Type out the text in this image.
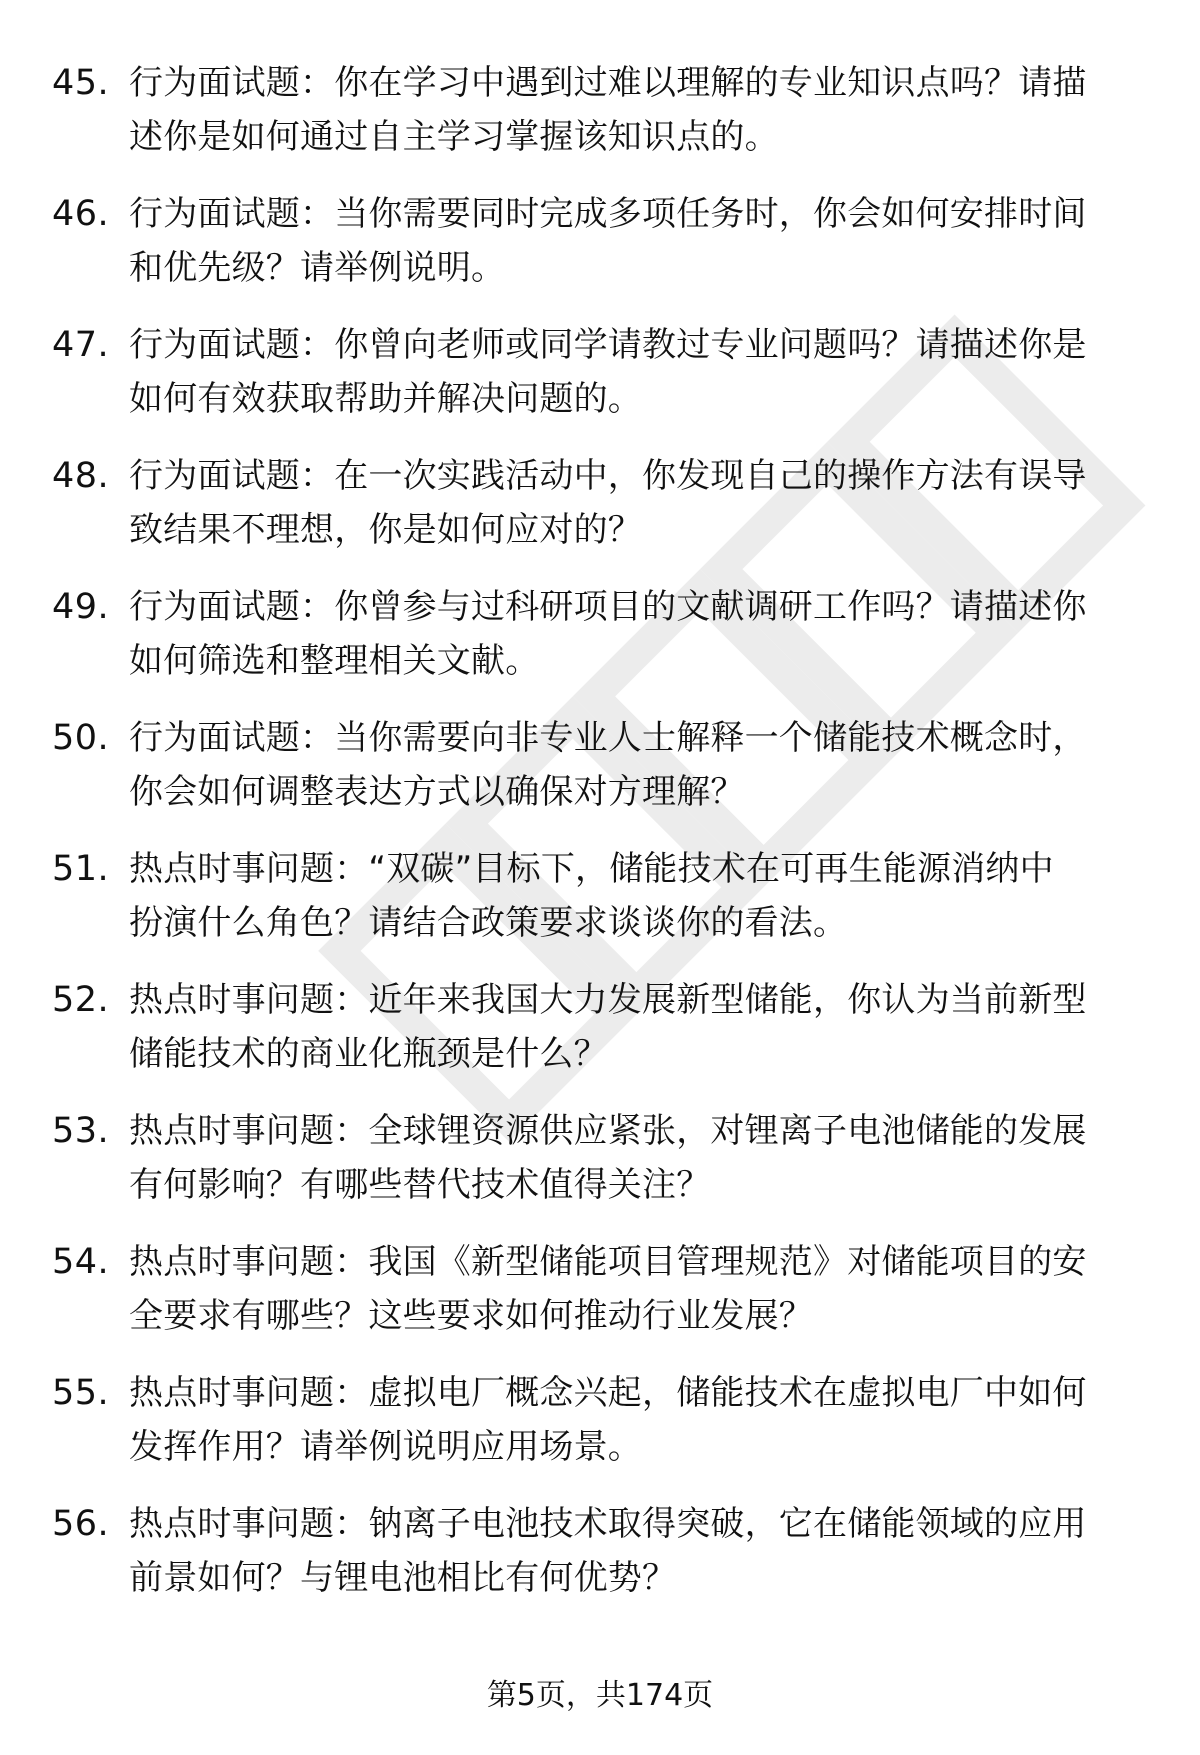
45. 行为面试题：你在学习中遇到过难以理解的专业知识点吗？请描
述你是如何通过自主学习掌握该知识点的。
46. 行为面试题：当你需要同时完成多项任务时，你会如何安排时间
和优先级？请举例说明。
47. 行为面试题：你曾向老师或同学请教过专业问题吗？请描述你是
如何有效获取帮助并解决问题的。
48. 行为面试题：在一次实践活动中，你发现自己的操作方法有误导
致结果不理想，你是如何应对的？
49. 行为面试题：你曾参与过科研项目的文献调研工作吗？请描述你
如何筛选和整理相关文献。
50. 行为面试题：当你需要向非专业人士解释一个储能技术概念时，
你会如何调整表达方式以确保对方理解？
51. 热点时事问题：“双碳”目标下，储能技术在可再生能源消纳中
扮演什么角色？请结合政策要求谈谈你的看法。
52. 热点时事问题：近年来我国大力发展新型储能，你认为当前新型
储能技术的商业化瓶颈是什么？
53. 热点时事问题：全球锂资源供应紧张，对锂离子电池储能的发展
有何影响？有哪些替代技术值得关注？
54. 热点时事问题：我国《新型储能项目管理规范》对储能项目的安
全要求有哪些？这些要求如何推动行业发展？
55. 热点时事问题：虚拟电厂概念兴起，储能技术在虚拟电厂中如何
发挥作用？请举例说明应用场景。
56. 热点时事问题：钠离子电池技术取得突破，它在储能领域的应用
前景如何？与锂电池相比有何优势？
第5页，共174页
